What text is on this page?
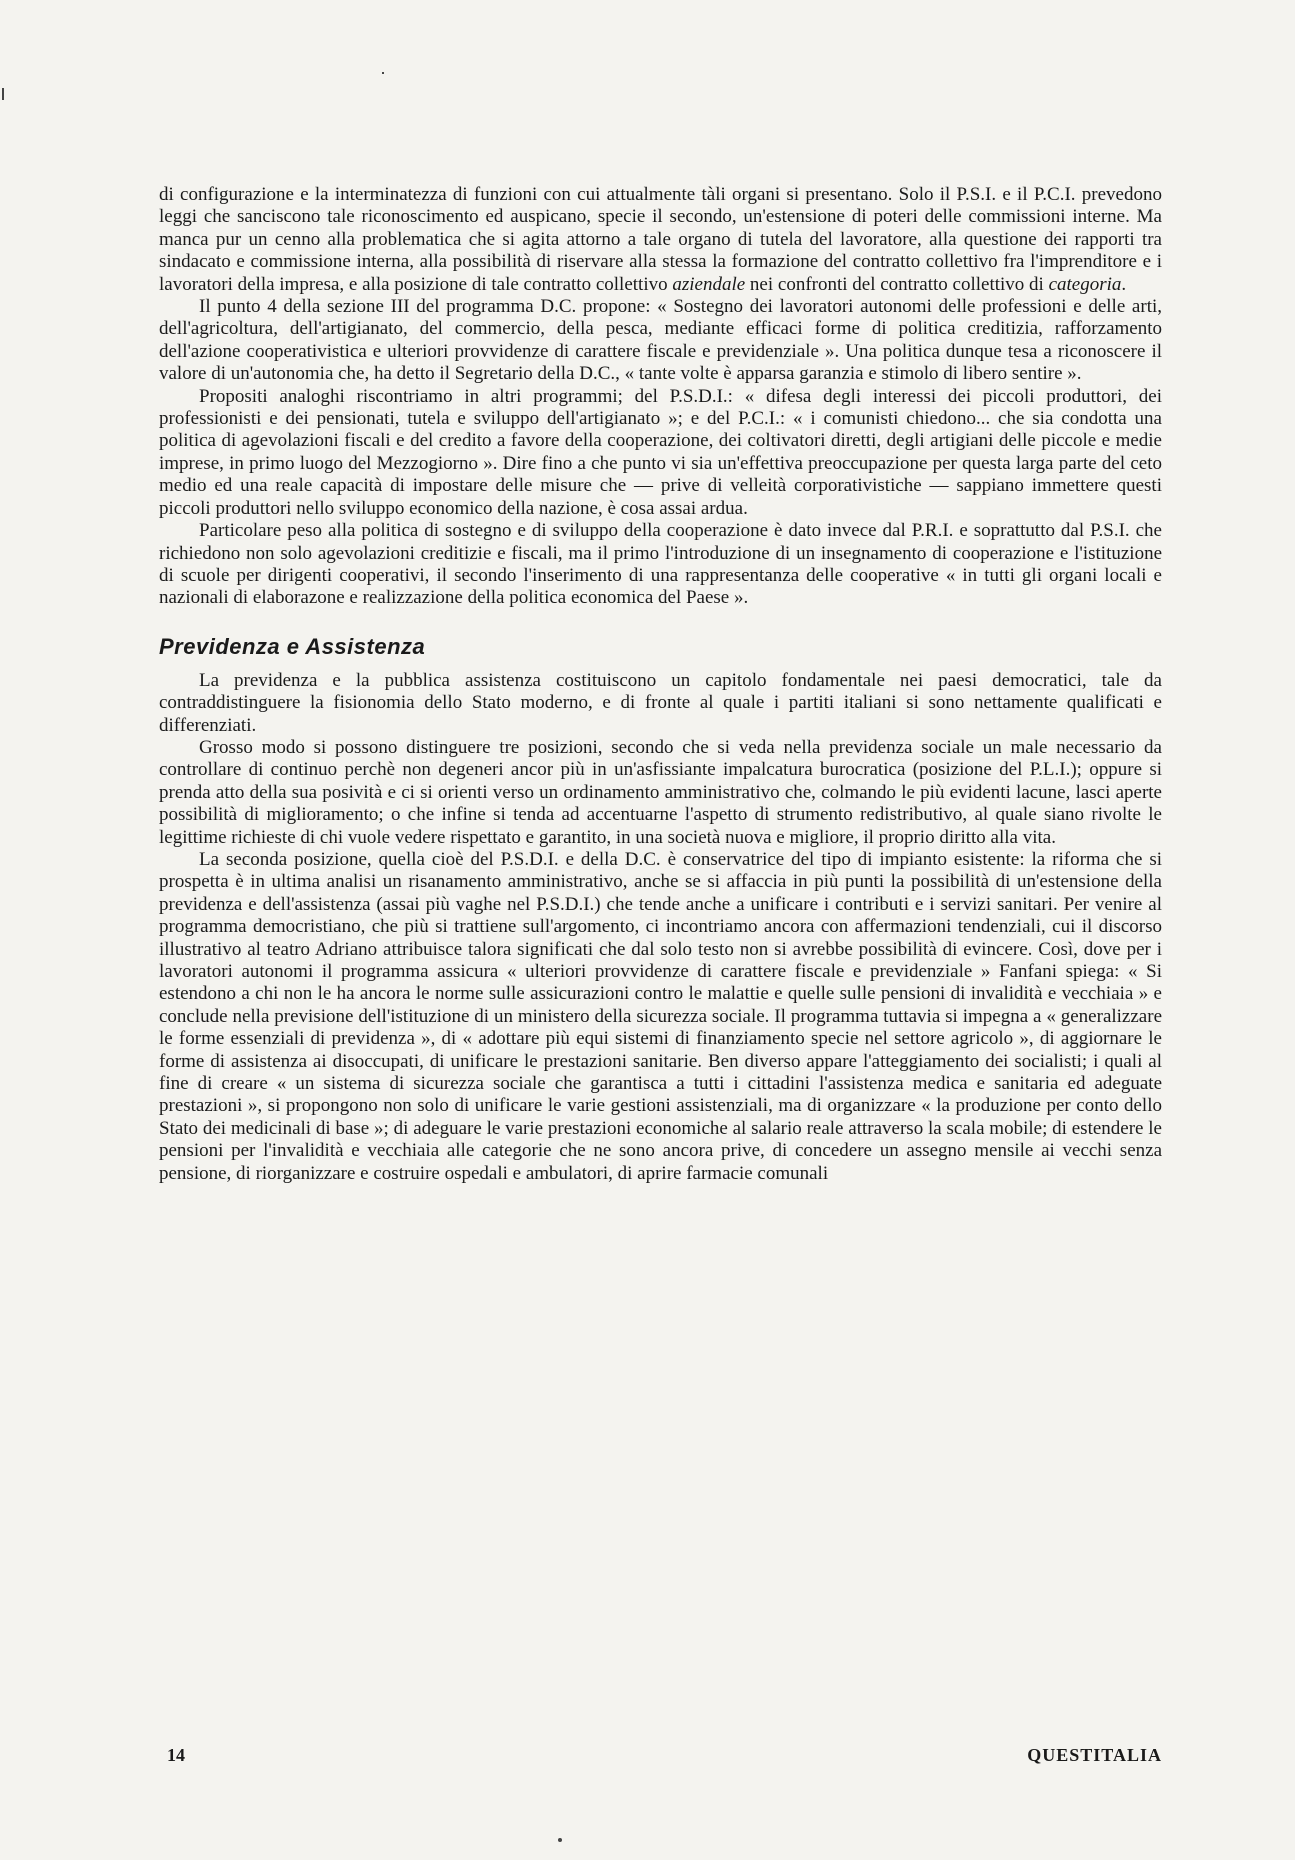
di configurazione e la interminatezza di funzioni con cui attualmente tàli organi si presentano. Solo il P.S.I. e il P.C.I. prevedono leggi che sanciscono tale riconoscimento ed auspicano, specie il secondo, un'estensione di poteri delle commissioni interne. Ma manca pur un cenno alla problematica che si agita attorno a tale organo di tutela del lavoratore, alla questione dei rapporti tra sindacato e commissione interna, alla possibilità di riservare alla stessa la formazione del contratto collettivo fra l'imprenditore e i lavoratori della impresa, e alla posizione di tale contratto collettivo aziendale nei confronti del contratto collettivo di categoria.

Il punto 4 della sezione III del programma D.C. propone: « Sostegno dei lavoratori autonomi delle professioni e delle arti, dell'agricoltura, dell'artigianato, del commercio, della pesca, mediante efficaci forme di politica creditizia, rafforzamento dell'azione cooperativistica e ulteriori provvidenze di carattere fiscale e previdenziale ». Una politica dunque tesa a riconoscere il valore di un'autonomia che, ha detto il Segretario della D.C., « tante volte è apparsa garanzia e stimolo di libero sentire ».

Propositi analoghi riscontriamo in altri programmi; del P.S.D.I.: « difesa degli interessi dei piccoli produttori, dei professionisti e dei pensionati, tutela e sviluppo dell'artigianato »; e del P.C.I.: « i comunisti chiedono... che sia condotta una politica di agevolazioni fiscali e del credito a favore della cooperazione, dei coltivatori diretti, degli artigiani delle piccole e medie imprese, in primo luogo del Mezzogiorno ». Dire fino a che punto vi sia un'effettiva preoccupazione per questa larga parte del ceto medio ed una reale capacità di impostare delle misure che — prive di velleità corporativistiche — sappiano immettere questi piccoli produttori nello sviluppo economico della nazione, è cosa assai ardua.

Particolare peso alla politica di sostegno e di sviluppo della cooperazione è dato invece dal P.R.I. e soprattutto dal P.S.I. che richiedono non solo agevolazioni creditizie e fiscali, ma il primo l'introduzione di un insegnamento di cooperazione e l'istituzione di scuole per dirigenti cooperativi, il secondo l'inserimento di una rappresentanza delle cooperative « in tutti gli organi locali e nazionali di elaborazone e realizzazione della politica economica del Paese ».

Previdenza e Assistenza

La previdenza e la pubblica assistenza costituiscono un capitolo fondamentale nei paesi democratici, tale da contraddistinguere la fisionomia dello Stato moderno, e di fronte al quale i partiti italiani si sono nettamente qualificati e differenziati.

Grosso modo si possono distinguere tre posizioni, secondo che si veda nella previdenza sociale un male necessario da controllare di continuo perchè non degeneri ancor più in un'asfissiante impalcatura burocratica (posizione del P.L.I.); oppure si prenda atto della sua posività e ci si orienti verso un ordinamento amministrativo che, colmando le più evidenti lacune, lasci aperte possibilità di miglioramento; o che infine si tenda ad accentuarne l'aspetto di strumento redistributivo, al quale siano rivolte le legittime richieste di chi vuole vedere rispettato e garantito, in una società nuova e migliore, il proprio diritto alla vita.

La seconda posizione, quella cioè del P.S.D.I. e della D.C. è conservatrice del tipo di impianto esistente: la riforma che si prospetta è in ultima analisi un risanamento amministrativo, anche se si affaccia in più punti la possibilità di un'estensione della previdenza e dell'assistenza (assai più vaghe nel P.S.D.I.) che tende anche a unificare i contributi e i servizi sanitari. Per venire al programma democristiano, che più si trattiene sull'argomento, ci incontriamo ancora con affermazioni tendenziali, cui il discorso illustrativo al teatro Adriano attribuisce talora significati che dal solo testo non si avrebbe possibilità di evincere. Così, dove per i lavoratori autonomi il programma assicura « ulteriori provvidenze di carattere fiscale e previdenziale » Fanfani spiega: « Si estendono a chi non le ha ancora le norme sulle assicurazioni contro le malattie e quelle sulle pensioni di invalidità e vecchiaia » e conclude nella previsione dell'istituzione di un ministero della sicurezza sociale. Il programma tuttavia si impegna a « generalizzare le forme essenziali di previdenza », di « adottare più equi sistemi di finanziamento specie nel settore agricolo », di aggiornare le forme di assistenza ai disoccupati, di unificare le prestazioni sanitarie. Ben diverso appare l'atteggiamento dei socialisti; i quali al fine di creare « un sistema di sicurezza sociale che garantisca a tutti i cittadini l'assistenza medica e sanitaria ed adeguate prestazioni », si propongono non solo di unificare le varie gestioni assistenziali, ma di organizzare « la produzione per conto dello Stato dei medicinali di base »; di adeguare le varie prestazioni economiche al salario reale attraverso la scala mobile; di estendere le pensioni per l'invalidità e vecchiaia alle categorie che ne sono ancora prive, di concedere un assegno mensile ai vecchi senza pensione, di riorganizzare e costruire ospedali e ambulatori, di aprire farmacie comunali

14	QUESTITALIA
